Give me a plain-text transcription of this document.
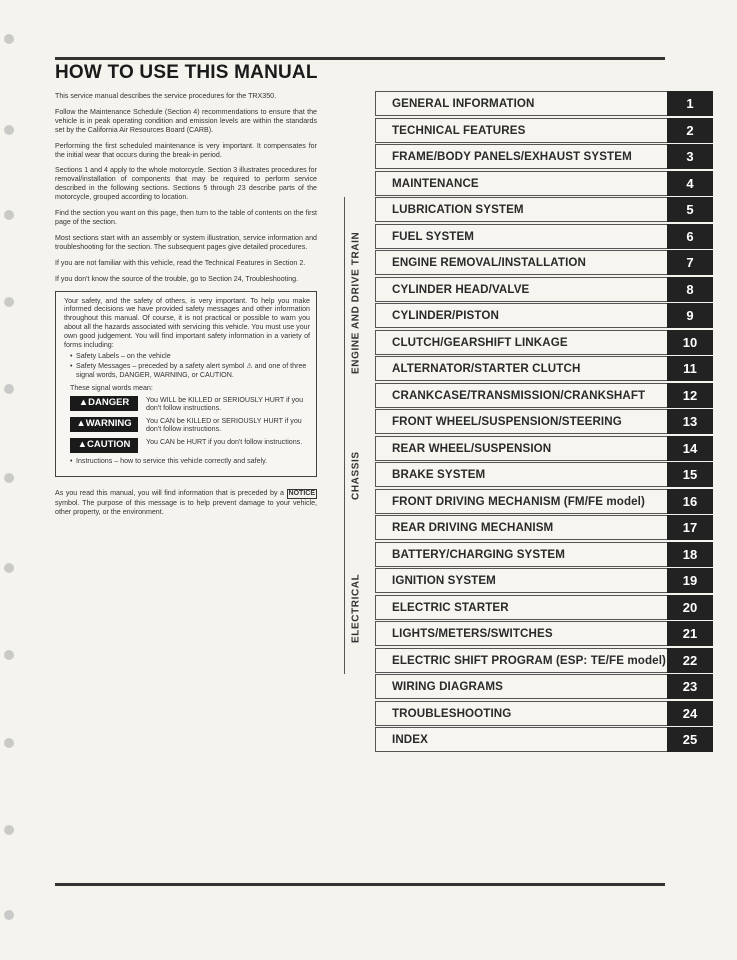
HOW TO USE THIS MANUAL

This service manual describes the service procedures for the TRX350.

Follow the Maintenance Schedule (Section 4) recommendations to ensure that the vehicle is in peak operating condition and emission levels are within the standards set by the California Air Resources Board (CARB).

Performing the first scheduled maintenance is very important. It compensates for the initial wear that occurs during the break-in period.

Sections 1 and 4 apply to the whole motorcycle. Section 3 illustrates procedures for removal/installation of components that may be required to perform service described in the following sections. Sections 5 through 23 describe parts of the motorcycle, grouped according to location.

Find the section you want on this page, then turn to the table of contents on the first page of the section.

Most sections start with an assembly or system illustration, service information and troubleshooting for the section. The subsequent pages give detailed procedures.

If you are not familiar with this vehicle, read the Technical Features in Section 2.

If you don't know the source of the trouble, go to Section 24, Troubleshooting.

Your safety, and the safety of others, is very important. To help you make informed decisions we have provided safety messages and other information throughout this manual. Of course, it is not practical or possible to warn you about all the hazards associated with servicing this vehicle. You must use your own good judgement. You will find important safety information in a variety of forms including:

• Safety Labels – on the vehicle
• Safety Messages – preceded by a safety alert symbol ⚠ and one of three signal words, DANGER, WARNING, or CAUTION.

These signal words mean:

▲DANGER	You WILL be KILLED or SERIOUSLY HURT if you don't follow instructions.
▲WARNING	You CAN be KILLED or SERIOUSLY HURT if you don't follow instructions.
▲CAUTION	You CAN be HURT if you don't follow instructions.
• Instructions – how to service this vehicle correctly and safely.

As you read this manual, you will find information that is preceded by a NOTICE symbol. The purpose of this message is to help prevent damage to your vehicle, other property, or the environment.

ENGINE AND DRIVE TRAIN
CHASSIS
ELECTRICAL
GENERAL INFORMATION	1
TECHNICAL FEATURES	2
FRAME/BODY PANELS/EXHAUST SYSTEM	3
MAINTENANCE	4
LUBRICATION SYSTEM	5
FUEL SYSTEM	6
ENGINE REMOVAL/INSTALLATION	7
CYLINDER HEAD/VALVE	8
CYLINDER/PISTON	9
CLUTCH/GEARSHIFT LINKAGE	10
ALTERNATOR/STARTER CLUTCH	11
CRANKCASE/TRANSMISSION/CRANKSHAFT	12
FRONT WHEEL/SUSPENSION/STEERING	13
REAR WHEEL/SUSPENSION	14
BRAKE SYSTEM	15
FRONT DRIVING MECHANISM (FM/FE model)	16
REAR DRIVING MECHANISM	17
BATTERY/CHARGING SYSTEM	18
IGNITION SYSTEM	19
ELECTRIC STARTER	20
LIGHTS/METERS/SWITCHES	21
ELECTRIC SHIFT PROGRAM (ESP: TE/FE model)	22
WIRING DIAGRAMS	23
TROUBLESHOOTING	24
INDEX	25
